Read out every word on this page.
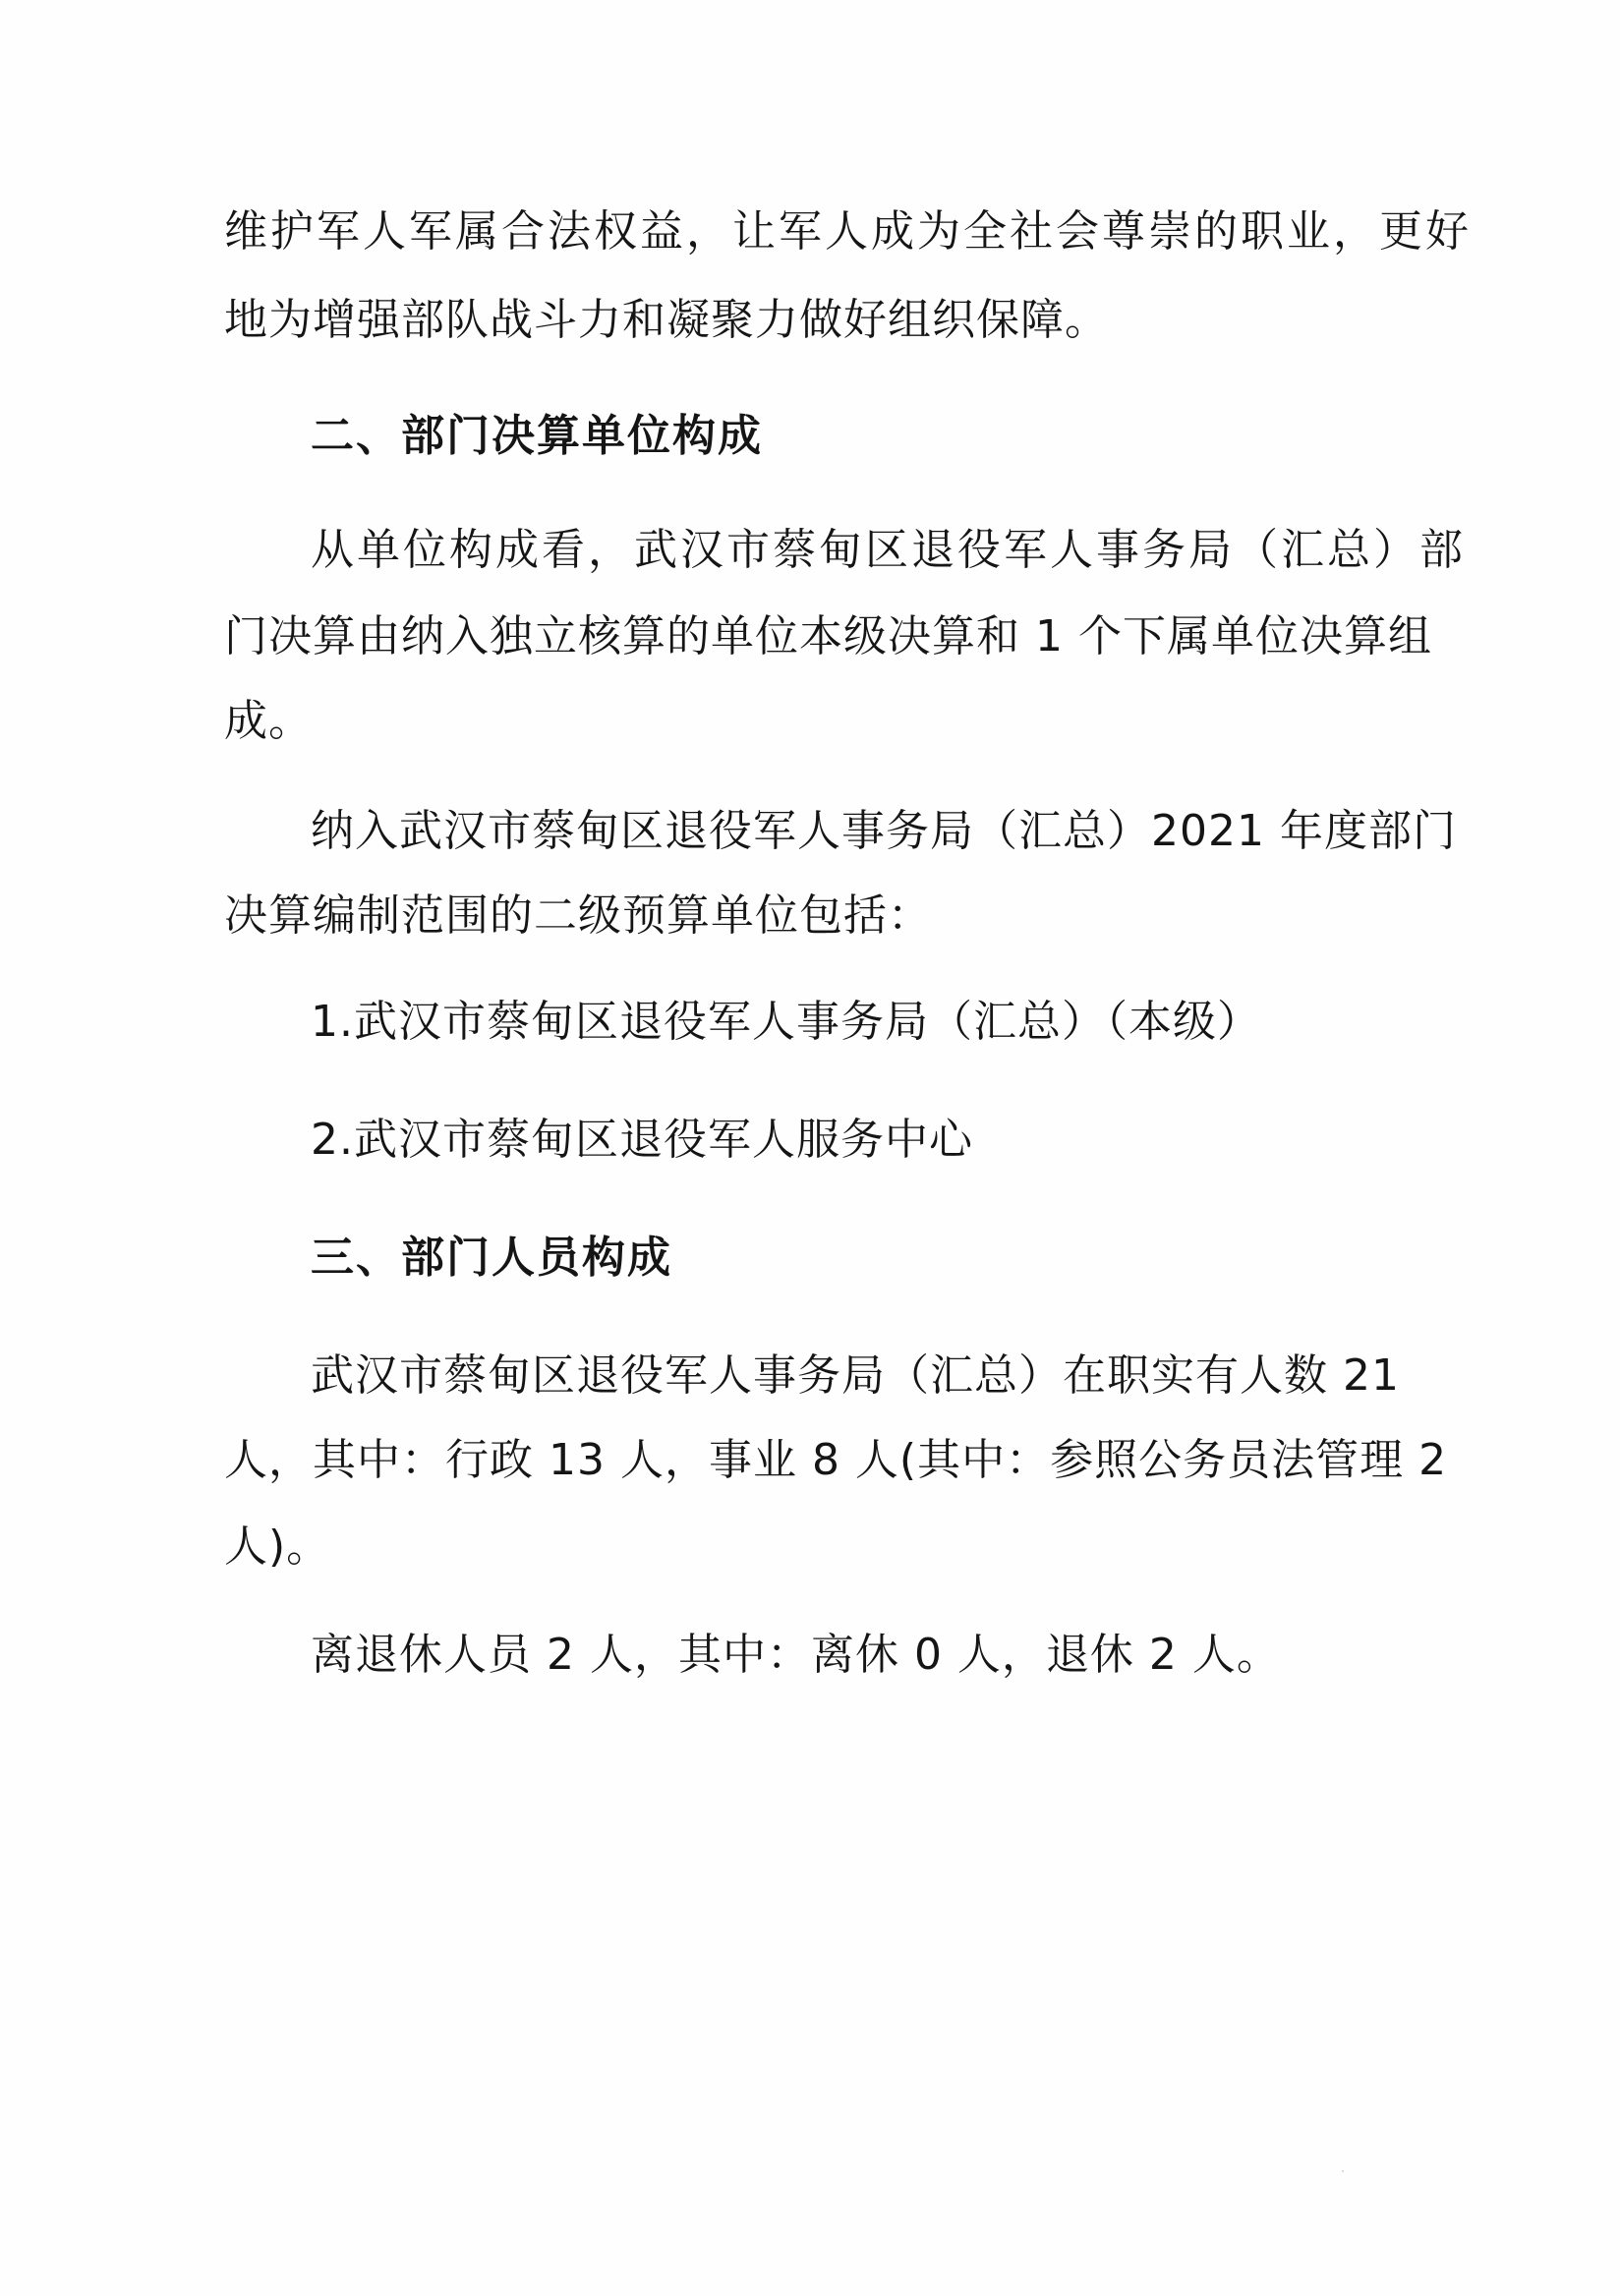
维护军人军属合法权益，让军人成为全社会尊崇的职业，更好
地为增强部队战斗力和凝聚力做好组织保障。
二、部门决算单位构成
从单位构成看，武汉市蔡甸区退役军人事务局（汇总）部
门决算由纳入独立核算的单位本级决算和 1 个下属单位决算组
成。
纳入武汉市蔡甸区退役军人事务局（汇总）2021 年度部门
决算编制范围的二级预算单位包括：
1.武汉市蔡甸区退役军人事务局（汇总）（本级）
2.武汉市蔡甸区退役军人服务中心
三、部门人员构成
武汉市蔡甸区退役军人事务局（汇总）在职实有人数 21
人，其中：行政 13 人，事业 8 人(其中：参照公务员法管理 2
人)。
离退休人员 2 人，其中：离休 0 人，退休 2 人。
